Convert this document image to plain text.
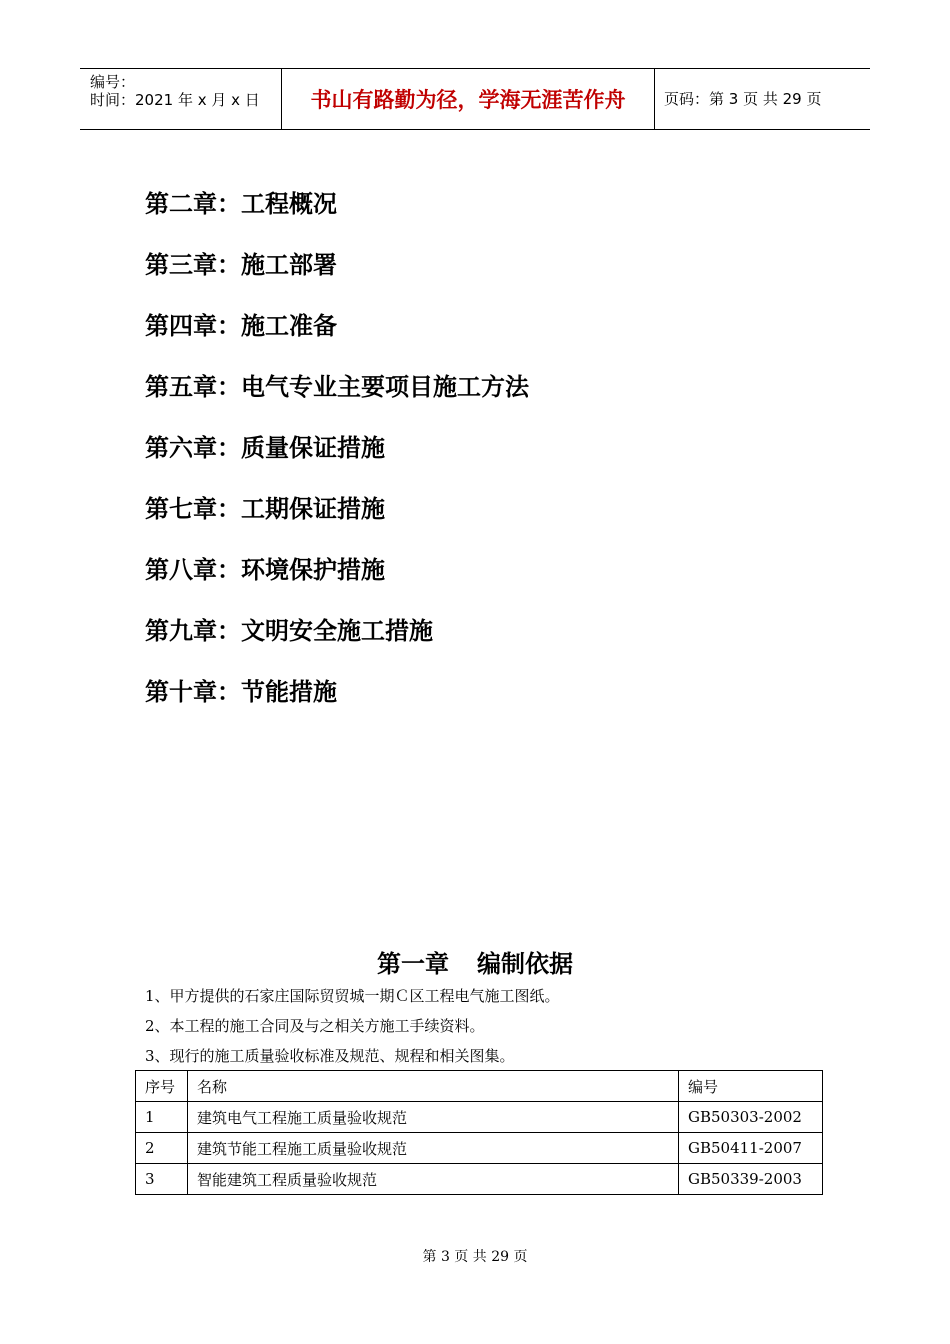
编号：
时间：2021 年 x 月 x 日	书山有路勤为径，学海无涯苦作舟	页码：第 3 页 共 29 页
第二章：工程概况
第三章：施工部署
第四章：施工准备
第五章：电气专业主要项目施工方法
第六章：质量保证措施
第七章：工期保证措施
第八章：环境保护措施
第九章：文明安全施工措施
第十章：节能措施
第一章 编制依据
1、甲方提供的石家庄国际贸贸城一期Ｃ区工程电气施工图纸。
2、本工程的施工合同及与之相关方施工手续资料。
3、现行的施工质量验收标准及规范、规程和相关图集。
序号	名称	编号
1	建筑电气工程施工质量验收规范	GB50303-2002
2	建筑节能工程施工质量验收规范	GB50411-2007
3	智能建筑工程质量验收规范	GB50339-2003
第 3 页 共 29 页
